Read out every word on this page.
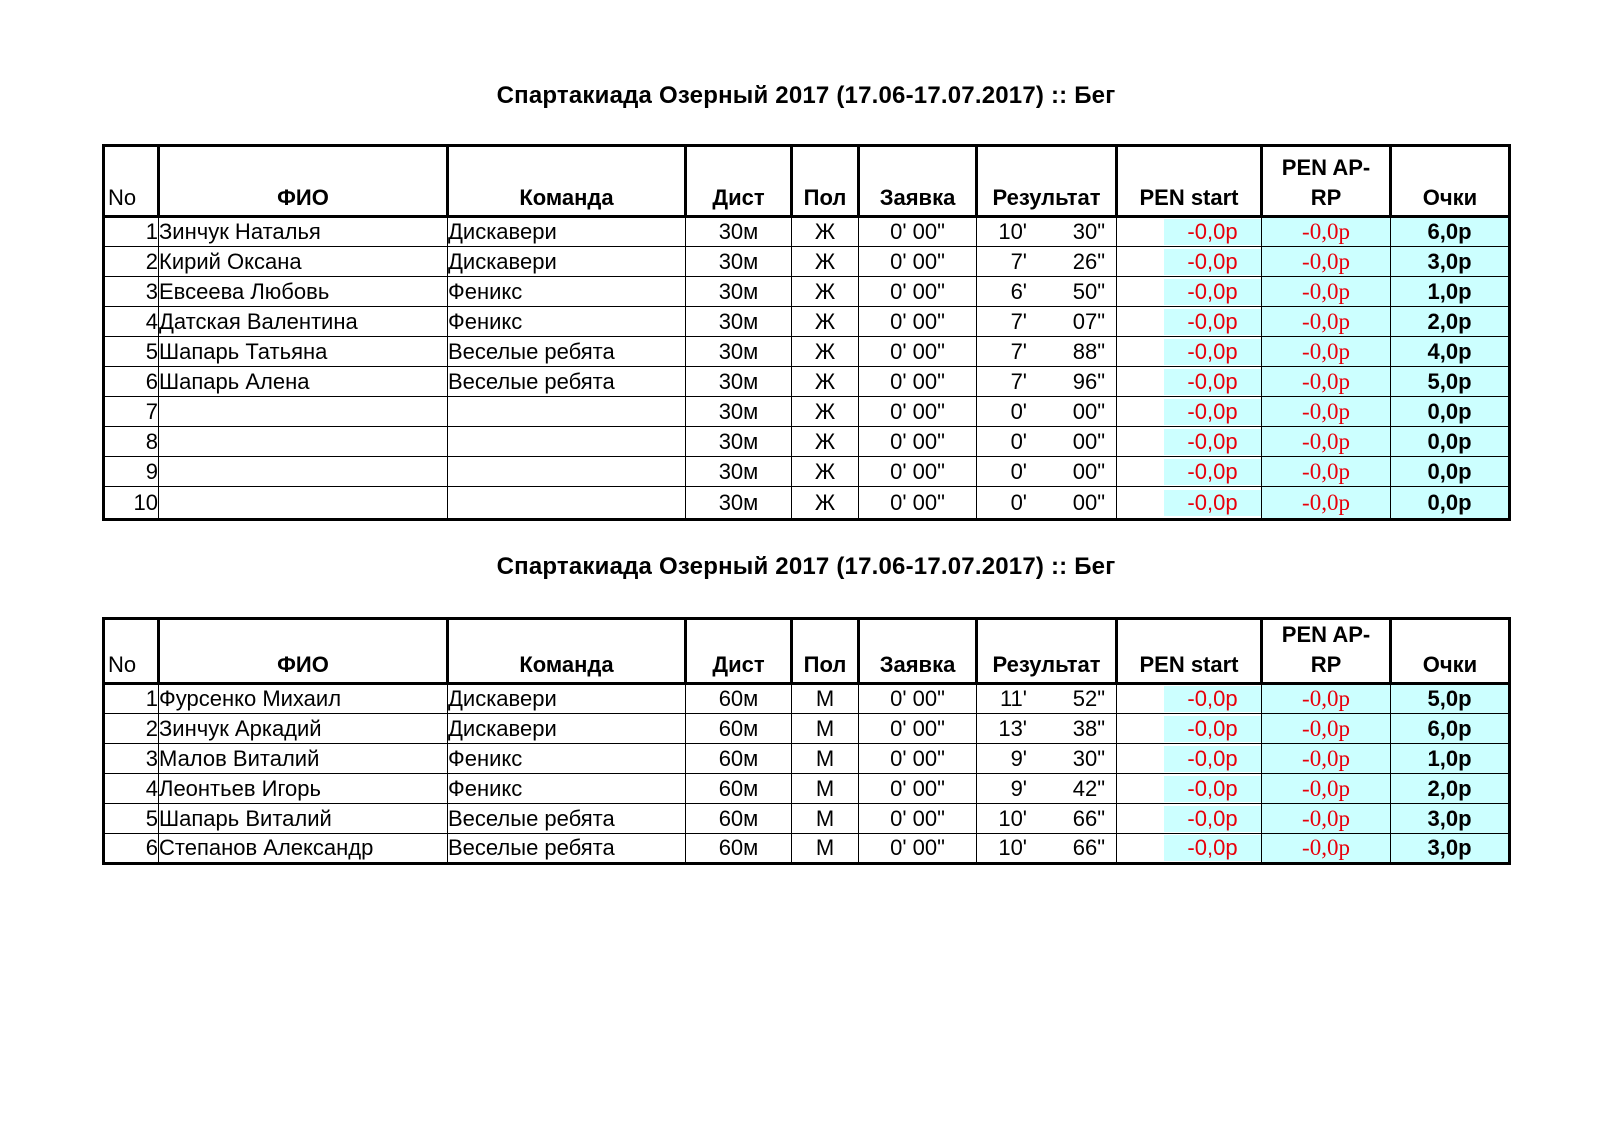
Спартакиада Озерный 2017 (17.06-17.07.2017) :: Бег
No	ФИО	Команда	Дист	Пол	Заявка	Результат	PEN start	PEN AP-
RP	Очки
1	Зинчук Наталья	Дискавери	30м	Ж	0' 00"	10' 30"	-0,0р	-0,0р	6,0р
2	Кирий Оксана	Дискавери	30м	Ж	0' 00"	7' 26"	-0,0р	-0,0р	3,0р
3	Евсеева Любовь	Феникс	30м	Ж	0' 00"	6' 50"	-0,0р	-0,0р	1,0р
4	Датская Валентина	Феникс	30м	Ж	0' 00"	7' 07"	-0,0р	-0,0р	2,0р
5	Шапарь Татьяна	Веселые ребята	30м	Ж	0' 00"	7' 88"	-0,0р	-0,0р	4,0р
6	Шапарь Алена	Веселые ребята	30м	Ж	0' 00"	7' 96"	-0,0р	-0,0р	5,0р
7			30м	Ж	0' 00"	0' 00"	-0,0р	-0,0р	0,0р
8			30м	Ж	0' 00"	0' 00"	-0,0р	-0,0р	0,0р
9			30м	Ж	0' 00"	0' 00"	-0,0р	-0,0р	0,0р
10			30м	Ж	0' 00"	0' 00"	-0,0р	-0,0р	0,0р
Спартакиада Озерный 2017 (17.06-17.07.2017) :: Бег
No	ФИО	Команда	Дист	Пол	Заявка	Результат	PEN start	PEN AP-
RP	Очки
1	Фурсенко Михаил	Дискавери	60м	М	0' 00"	11' 52"	-0,0р	-0,0р	5,0р
2	Зинчук Аркадий	Дискавери	60м	М	0' 00"	13' 38"	-0,0р	-0,0р	6,0р
3	Малов Виталий	Феникс	60м	М	0' 00"	9' 30"	-0,0р	-0,0р	1,0р
4	Леонтьев Игорь	Феникс	60м	М	0' 00"	9' 42"	-0,0р	-0,0р	2,0р
5	Шапарь Виталий	Веселые ребята	60м	М	0' 00"	10' 66"	-0,0р	-0,0р	3,0р
6	Степанов Александр	Веселые ребята	60м	М	0' 00"	10' 66"	-0,0р	-0,0р	3,0р
